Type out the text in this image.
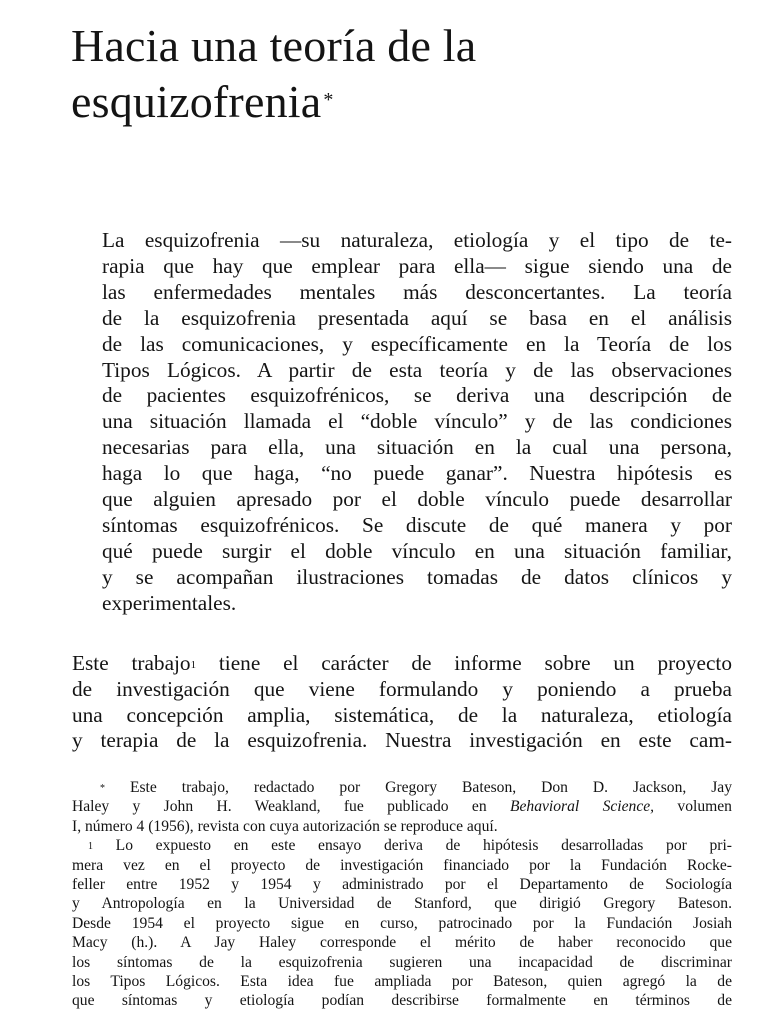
Hacia una teoría de la
esquizofrenia *
La esquizofrenia —su naturaleza, etiología y el tipo de te-
rapia que hay que emplear para ella— sigue siendo una de
las enfermedades mentales más desconcertantes. La teoría
de la esquizofrenia presentada aquí se basa en el análisis
de las comunicaciones, y específicamente en la Teoría de los
Tipos Lógicos. A partir de esta teoría y de las observaciones
de pacientes esquizofrénicos, se deriva una descripción de
una situación llamada el “doble vínculo” y de las condiciones
necesarias para ella, una situación en la cual una persona,
haga lo que haga, “no puede ganar”. Nuestra hipótesis es
que alguien apresado por el doble vínculo puede desarrollar
síntomas esquizofrénicos. Se discute de qué manera y por
qué puede surgir el doble vínculo en una situación familiar,
y se acompañan ilustraciones tomadas de datos clínicos y
experimentales.
Este trabajo$^1$ tiene el carácter de informe sobre un proyecto
de investigación que viene formulando y poniendo a prueba
una concepción amplia, sistemática, de la naturaleza, etiología
y terapia de la esquizofrenia. Nuestra investigación en este cam-
* Este trabajo, redactado por Gregory Bateson, Don D. Jackson, Jay
Haley y John H. Weakland, fue publicado en Behavioral Science, volumen
I, número 4 (1956), revista con cuya autorización se reproduce aquí.
$^1$ Lo expuesto en este ensayo deriva de hipótesis desarrolladas por pri-
mera vez en el proyecto de investigación financiado por la Fundación Rocke-
feller entre 1952 y 1954 y administrado por el Departamento de Sociología
y Antropología en la Universidad de Stanford, que dirigió Gregory Bateson.
Desde 1954 el proyecto sigue en curso, patrocinado por la Fundación Josiah
Macy (h.). A Jay Haley corresponde el mérito de haber reconocido que
los síntomas de la esquizofrenia sugieren una incapacidad de discriminar
los Tipos Lógicos. Esta idea fue ampliada por Bateson, quien agregó la de
que síntomas y etiología podían describirse formalmente en términos de
